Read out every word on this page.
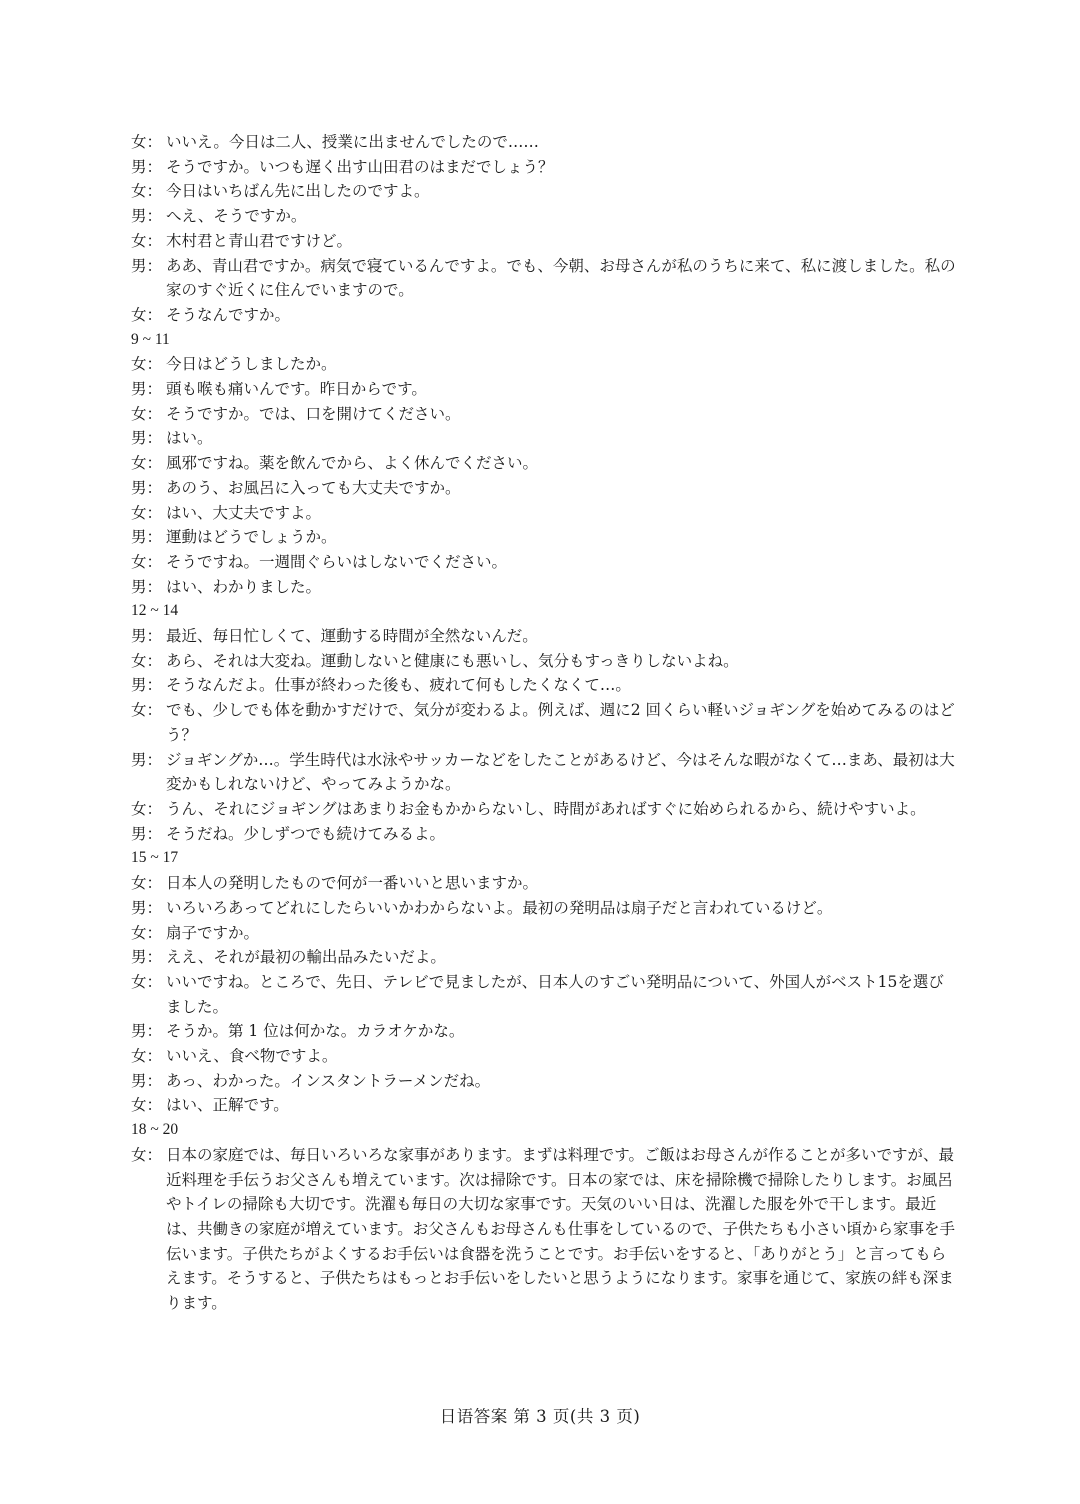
女： いいえ。今日は二人、授業に出ませんでしたので……
男： そうですか。いつも遅く出す山田君のはまだでしょう？
女： 今日はいちばん先に出したのですよ。
男： へえ、そうですか。
女： 木村君と青山君ですけど。
男： ああ、青山君ですか。病気で寝ているんですよ。でも、今朝、お母さんが私のうちに来て、私に渡しました。私の家のすぐ近くに住んでいますので。
女： そうなんですか。
9 ~ 11
女： 今日はどうしましたか。
男： 頭も喉も痛いんです。昨日からです。
女： そうですか。では、口を開けてください。
男： はい。
女： 風邪ですね。薬を飲んでから、よく休んでください。
男： あのう、お風呂に入っても大丈夫ですか。
女： はい、大丈夫ですよ。
男： 運動はどうでしょうか。
女： そうですね。一週間ぐらいはしないでください。
男： はい、わかりました。
12 ~ 14
男： 最近、毎日忙しくて、運動する時間が全然ないんだ。
女： あら、それは大変ね。運動しないと健康にも悪いし、気分もすっきりしないよね。
男： そうなんだよ。仕事が終わった後も、疲れて何もしたくなくて…。
女： でも、少しでも体を動かすだけで、気分が変わるよ。例えば、週に2 回くらい軽いジョギングを始めてみるのはどう？
男： ジョギングか…。学生時代は水泳やサッカーなどをしたことがあるけど、今はそんな暇がなくて…まあ、最初は大変かもしれないけど、やってみようかな。
女： うん、それにジョギングはあまりお金もかからないし、時間があればすぐに始められるから、続けやすいよ。
男： そうだね。少しずつでも続けてみるよ。
15 ~ 17
女： 日本人の発明したもので何が一番いいと思いますか。
男： いろいろあってどれにしたらいいかわからないよ。最初の発明品は扇子だと言われているけど。
女： 扇子ですか。
男： ええ、それが最初の輸出品みたいだよ。
女： いいですね。ところで、先日、テレビで見ましたが、日本人のすごい発明品について、外国人がベスト15を選びました。
男： そうか。第 1 位は何かな。カラオケかな。
女： いいえ、食べ物ですよ。
男： あっ、わかった。インスタントラーメンだね。
女： はい、正解です。
18 ~ 20
女： 日本の家庭では、毎日いろいろな家事があります。まずは料理です。ご飯はお母さんが作ることが多いですが、最近料理を手伝うお父さんも増えています。次は掃除です。日本の家では、床を掃除機で掃除したりします。お風呂やトイレの掃除も大切です。洗濯も毎日の大切な家事です。天気のいい日は、洗濯した服を外で干します。最近は、共働きの家庭が増えています。お父さんもお母さんも仕事をしているので、子供たちも小さい頃から家事を手伝います。子供たちがよくするお手伝いは食器を洗うことです。お手伝いをすると、「ありがとう」と言ってもらえます。そうすると、子供たちはもっとお手伝いをしたいと思うようになります。家事を通じて、家族の絆も深まります。
日语答案 第 3 页(共 3 页)
